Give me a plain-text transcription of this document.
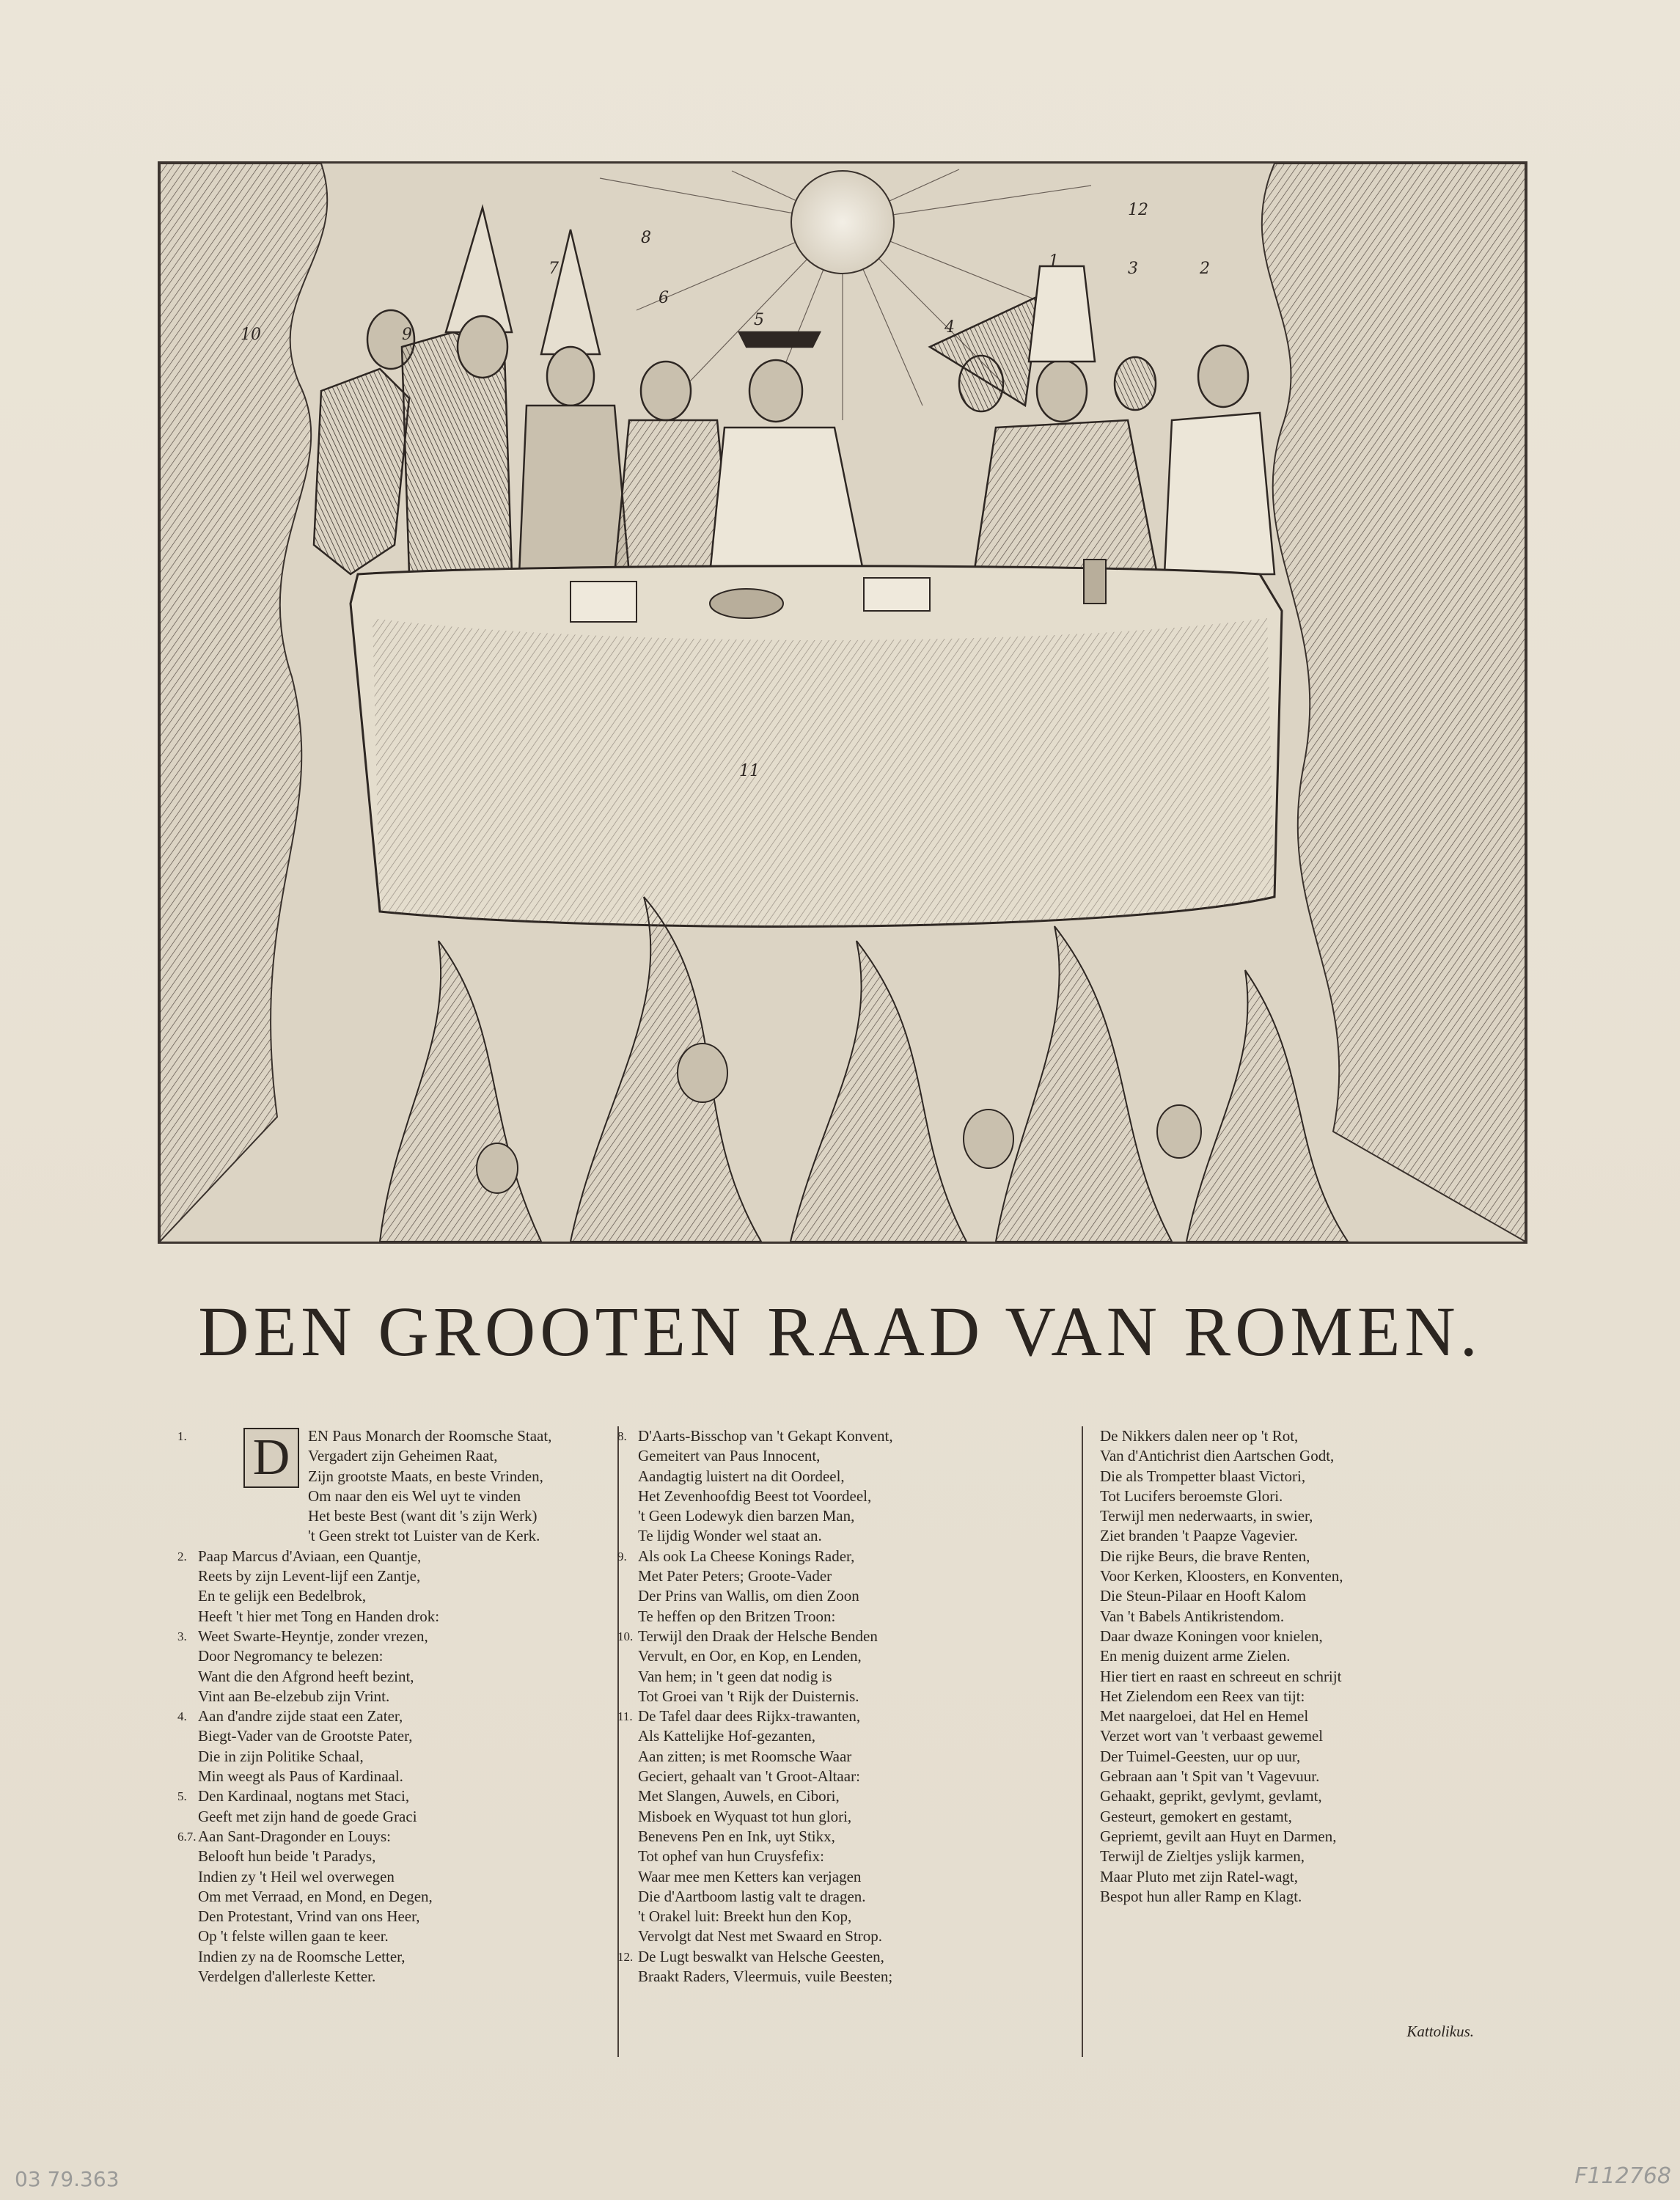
1	2
3
4
5
6
7
8
9
10
11
12
DEN GROOTEN RAAD VAN ROMEN.
1.	EN Paus Monarch der Roomsche Staat,
Vergadert zijn Geheimen Raat,
Zijn grootste Maats, en beste Vrinden,
Om naar den eis Wel uyt te vinden
Het beste Best (want dit 's zijn Werk)
't Geen strekt tot Luister van de Kerk.
2. Paap Marcus d'Aviaan, een Quantje,
Reets by zijn Levent-lijf een Zantje,
En te gelijk een Bedelbrok,
Heeft 't hier met Tong en Handen drok:
3. Weet Swarte-Heyntje, zonder vrezen,
Door Negromancy te belezen:
Want die den Afgrond heeft bezint,
Vint aan Be-elzebub zijn Vrint.
4. Aan d'andre zijde staat een Zater,
Biegt-Vader van de Grootste Pater,
Die in zijn Politike Schaal,
Min weegt als Paus of Kardinaal.
5. Den Kardinaal, nogtans met Staci,
Geeft met zijn hand de goede Graci
6.7. Aan Sant-Dragonder en Louys:
Belooft hun beide 't Paradys,
Indien zy 't Heil wel overwegen
Om met Verraad, en Mond, en Degen,
Den Protestant, Vrind van ons Heer,
Op 't felste willen gaan te keer.
Indien zy na de Roomsche Letter,
Verdelgen d'allerleste Ketter.
D	8. D'Aarts-Bisschop van 't Gekapt Konvent,
Gemeitert van Paus Innocent,
Aandagtig luistert na dit Oordeel,
Het Zevenhoofdig Beest tot Voordeel,
't Geen Lodewyk dien barzen Man,
Te lijdig Wonder wel staat an.
9. Als ook La Cheese Konings Rader,
Met Pater Peters; Groote-Vader
Der Prins van Wallis, om dien Zoon
Te heffen op den Britzen Troon:
10. Terwijl den Draak der Helsche Benden
Vervult, en Oor, en Kop, en Lenden,
Van hem; in 't geen dat nodig is
Tot Groei van 't Rijk der Duisternis.
11. De Tafel daar dees Rijkx-trawanten,
Als Kattelijke Hof-gezanten,
Aan zitten; is met Roomsche Waar
Geciert, gehaalt van 't Groot-Altaar:
Met Slangen, Auwels, en Cibori,
Misboek en Wyquast tot hun glori,
Benevens Pen en Ink, uyt Stikx,
Tot ophef van hun Cruysfefix:
Waar mee men Ketters kan verjagen
Die d'Aartboom lastig valt te dragen.
't Orakel luit: Breekt hun den Kop,
Vervolgt dat Nest met Swaard en Strop.
12. De Lugt beswalkt van Helsche Geesten,
Braakt Raders, Vleermuis, vuile Beesten;
De Nikkers dalen neer op 't Rot,
Van d'Antichrist dien Aartschen Godt,
Die als Trompetter blaast Victori,
Tot Lucifers beroemste Glori.
Terwijl men nederwaarts, in swier,
Ziet branden 't Paapze Vagevier.
Die rijke Beurs, die brave Renten,
Voor Kerken, Kloosters, en Konventen,
Die Steun-Pilaar en Hooft Kalom
Van 't Babels Antikristendom.
Daar dwaze Koningen voor knielen,
En menig duizent arme Zielen.
Hier tiert en raast en schreeut en schrijt
Het Zielendom een Reex van tijt:
Met naargeloei, dat Hel en Hemel
Verzet wort van 't verbaast gewemel
Der Tuimel-Geesten, uur op uur,
Gebraan aan 't Spit van 't Vagevuur.
Gehaakt, geprikt, gevlymt, gevlamt,
Gesteurt, gemokert en gestamt,
Gepriemt, gevilt aan Huyt en Darmen,
Terwijl de Zieltjes yslijk karmen,
Maar Pluto met zijn Ratel-wagt,
Bespot hun aller Ramp en Klagt.
Kattolikus.
03 79.363	F112768
